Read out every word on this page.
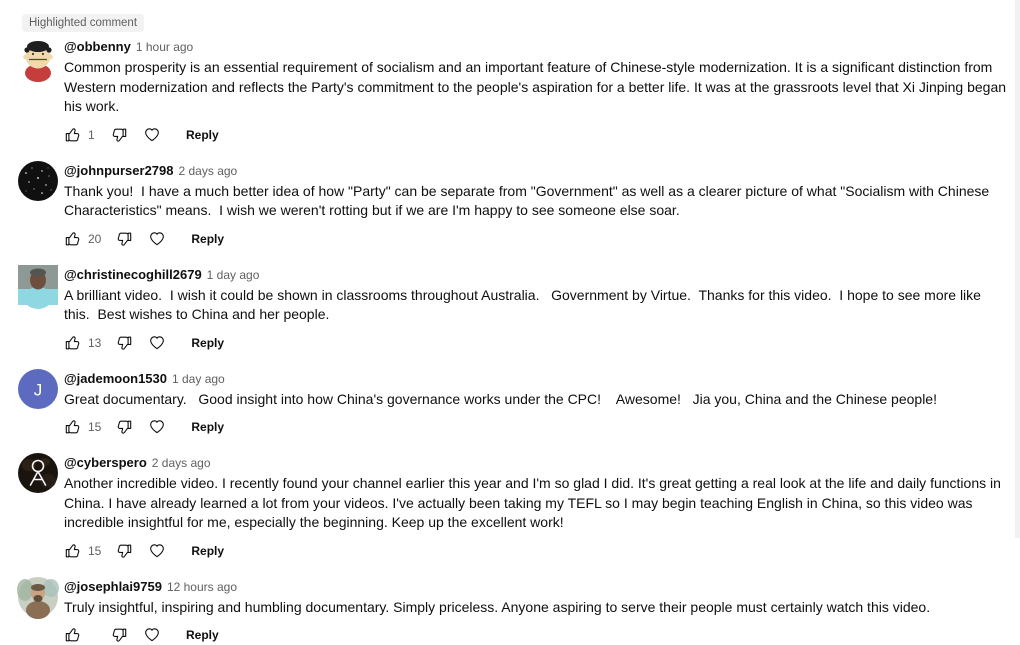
Highlighted comment
@obbenny 1 hour ago
Common prosperity is an essential requirement of socialism and an important feature of Chinese-style modernization. It is a significant distinction from Western modernization and reflects the Party's commitment to the people's aspiration for a better life. It was at the grassroots level that Xi Jinping began his work.
1	Reply
@johnpurser2798 2 days ago
Thank you!  I have a much better idea of how "Party" can be separate from "Government" as well as a clearer picture of what "Socialism with Chinese Characteristics" means.  I wish we weren't rotting but if we are I'm happy to see someone else soar.
20	Reply
@christinecoghill2679 1 day ago
A brilliant video.  I wish it could be shown in classrooms throughout Australia.   Government by Virtue.  Thanks for this video.  I hope to see more like this.  Best wishes to China and her people.
13	Reply
J
@jademoon1530 1 day ago
Great documentary.   Good insight into how China's governance works under the CPC!    Awesome!   Jia you, China and the Chinese people!
15	Reply
@cyberspero 2 days ago
Another incredible video. I recently found your channel earlier this year and I'm so glad I did. It's great getting a real look at the life and daily functions in China. I have already learned a lot from your videos. I've actually been taking my TEFL so I may begin teaching English in China, so this video was incredible insightful for me, especially the beginning. Keep up the excellent work!
15	Reply
@josephlai9759 12 hours ago
Truly insightful, inspiring and humbling documentary. Simply priceless. Anyone aspiring to serve their people must certainly watch this video.
Reply
